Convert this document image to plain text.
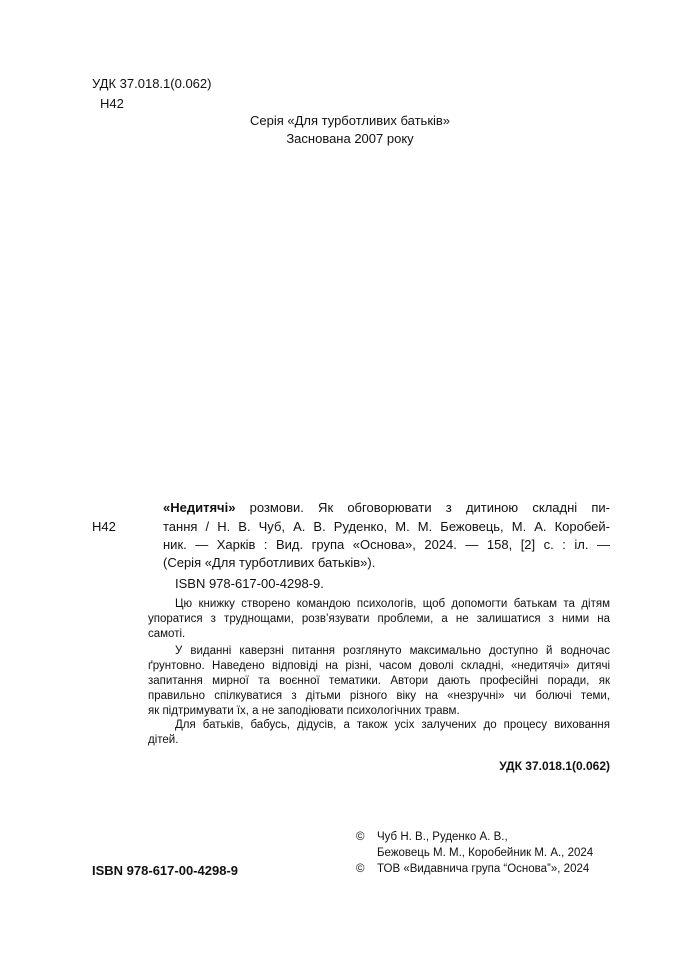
УДК 37.018.1(0.062)
Н42
Серія «Для турботливих батьків»
Заснована 2007 року
Н42
«Недитячі» розмови. Як обговорювати з дитиною складні пи-
тання / Н. В. Чуб, А. В. Руденко, М. М. Бежовець, М. А. Коробей-
ник. — Харків : Вид. група «Основа», 2024. — 158, [2] с. : іл. —
(Серія «Для турботливих батьків»).
ISBN 978-617-00-4298-9.
Цю книжку створено командою психологів, щоб допомогти батькам та дітям
упоратися з труднощами, розв’язувати проблеми, а не залишатися з ними на
самоті.
У виданні каверзні питання розглянуто максимально доступно й водночас
ґрунтовно. Наведено відповіді на різні, часом доволі складні, «недитячі» дитячі
запитання мирної та воєнної тематики. Автори дають професійні поради, як
правильно спілкуватися з дітьми різного віку на «незручні» чи болючі теми,
як підтримувати їх, а не заподіювати психологічних травм.
Для батьків, бабусь, дідусів, а також усіх залучених до процесу виховання
дітей.
УДК 37.018.1(0.062)
ISBN 978-617-00-4298-9
© Чуб Н. В., Руденко А. В.,
Бежовець М. М., Коробейник М. А., 2024
© ТОВ «Видавнича група “Основа”», 2024
